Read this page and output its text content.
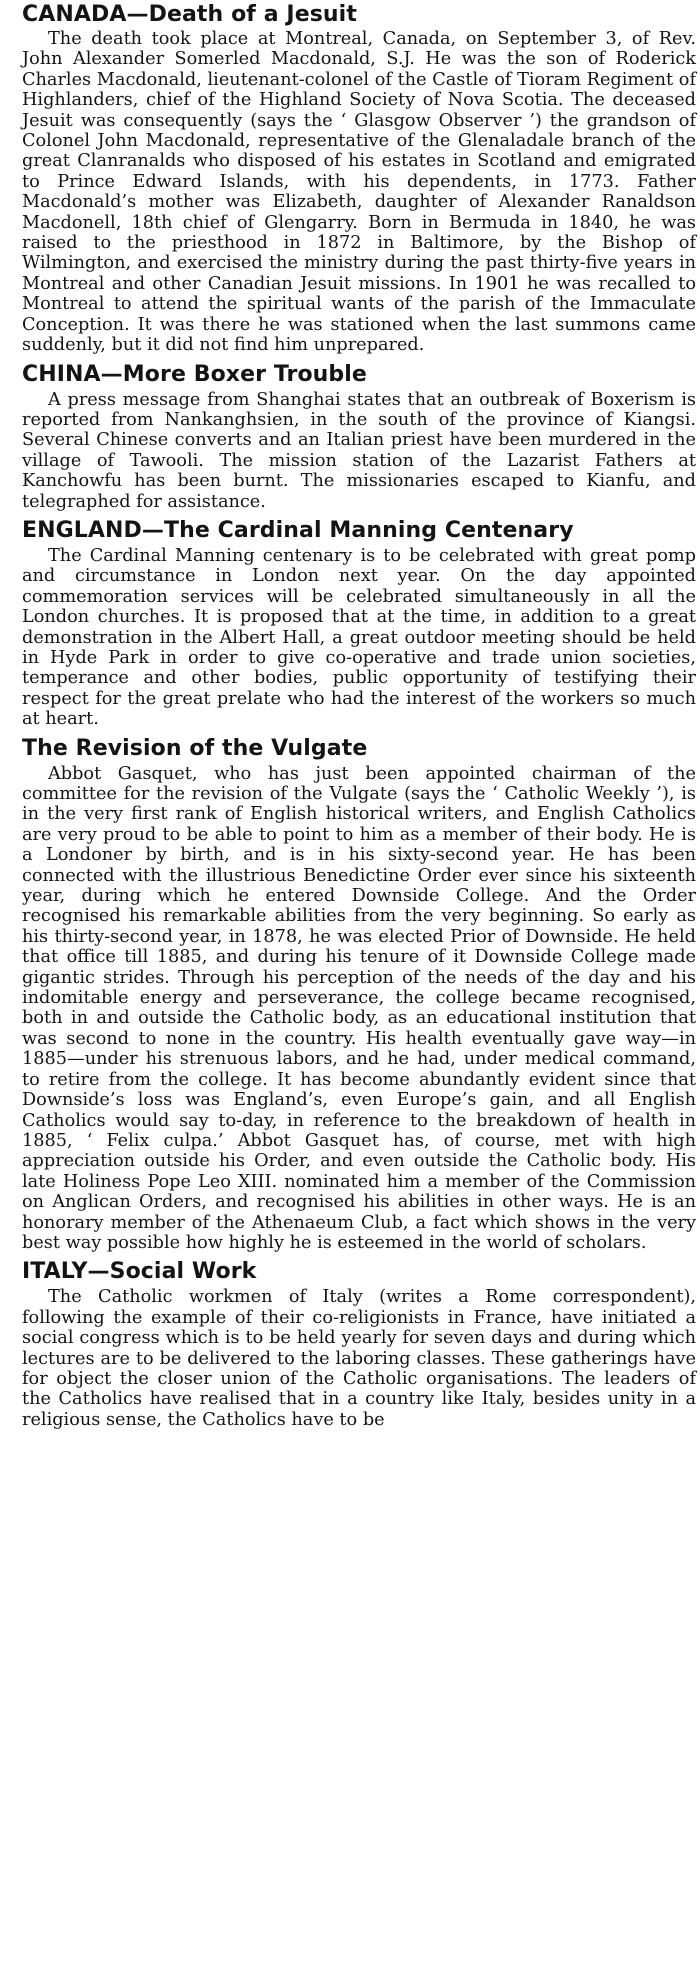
CANADA—Death of a Jesuit

The death took place at Montreal, Canada, on September 3, of Rev. John Alexander Somerled Macdonald, S.J. He was the son of Roderick Charles Macdonald, lieutenant-colonel of the Castle of Tioram Regiment of Highlanders, chief of the Highland Society of Nova Scotia. The deceased Jesuit was consequently (says the ‘ Glasgow Observer ’) the grandson of Colonel John Macdonald, representative of the Glenaladale branch of the great Clanranalds who disposed of his estates in Scotland and emigrated to Prince Edward Islands, with his dependents, in 1773. Father Macdonald’s mother was Elizabeth, daughter of Alexander Ranaldson Macdonell, 18th chief of Glengarry. Born in Bermuda in 1840, he was raised to the priesthood in 1872 in Baltimore, by the Bishop of Wilmington, and exercised the ministry during the past thirty-five years in Montreal and other Canadian Jesuit missions. In 1901 he was recalled to Montreal to attend the spiritual wants of the parish of the Immaculate Conception. It was there he was stationed when the last summons came suddenly, but it did not find him unprepared.

CHINA—More Boxer Trouble

A press message from Shanghai states that an outbreak of Boxerism is reported from Nankanghsien, in the south of the province of Kiangsi. Several Chinese converts and an Italian priest have been murdered in the village of Tawooli. The mission station of the Lazarist Fathers at Kanchowfu has been burnt. The missionaries escaped to Kianfu, and telegraphed for assistance.

ENGLAND—The Cardinal Manning Centenary

The Cardinal Manning centenary is to be celebrated with great pomp and circumstance in London next year. On the day appointed commemoration services will be celebrated simultaneously in all the London churches. It is proposed that at the time, in addition to a great demonstration in the Albert Hall, a great outdoor meeting should be held in Hyde Park in order to give co-operative and trade union societies, temperance and other bodies, public opportunity of testifying their respect for the great prelate who had the interest of the workers so much at heart.

The Revision of the Vulgate

Abbot Gasquet, who has just been appointed chairman of the committee for the revision of the Vulgate (says the ‘ Catholic Weekly ’), is in the very first rank of English historical writers, and English Catholics are very proud to be able to point to him as a member of their body. He is a Londoner by birth, and is in his sixty-second year. He has been connected with the illustrious Benedictine Order ever since his sixteenth year, during which he entered Downside College. And the Order recognised his remarkable abilities from the very beginning. So early as his thirty-second year, in 1878, he was elected Prior of Downside. He held that office till 1885, and during his tenure of it Downside College made gigantic strides. Through his perception of the needs of the day and his indomitable energy and perseverance, the college became recognised, both in and outside the Catholic body, as an educational institution that was second to none in the country. His health eventually gave way—in 1885—under his strenuous labors, and he had, under medical command, to retire from the college. It has become abundantly evident since that Downside’s loss was England’s, even Europe’s gain, and all English Catholics would say to-day, in reference to the breakdown of health in 1885, ‘ Felix culpa.’ Abbot Gasquet has, of course, met with high appreciation outside his Order, and even outside the Catholic body. His late Holiness Pope Leo XIII. nominated him a member of the Commission on Anglican Orders, and recognised his abilities in other ways. He is an honorary member of the Athenaeum Club, a fact which shows in the very best way possible how highly he is esteemed in the world of scholars.

ITALY—Social Work

The Catholic workmen of Italy (writes a Rome correspondent), following the example of their co-religionists in France, have initiated a social congress which is to be held yearly for seven days and during which lectures are to be delivered to the laboring classes. These gatherings have for object the closer union of the Catholic organisations. The leaders of the Catholics have realised that in a country like Italy, besides unity in a religious sense, the Catholics have to be
